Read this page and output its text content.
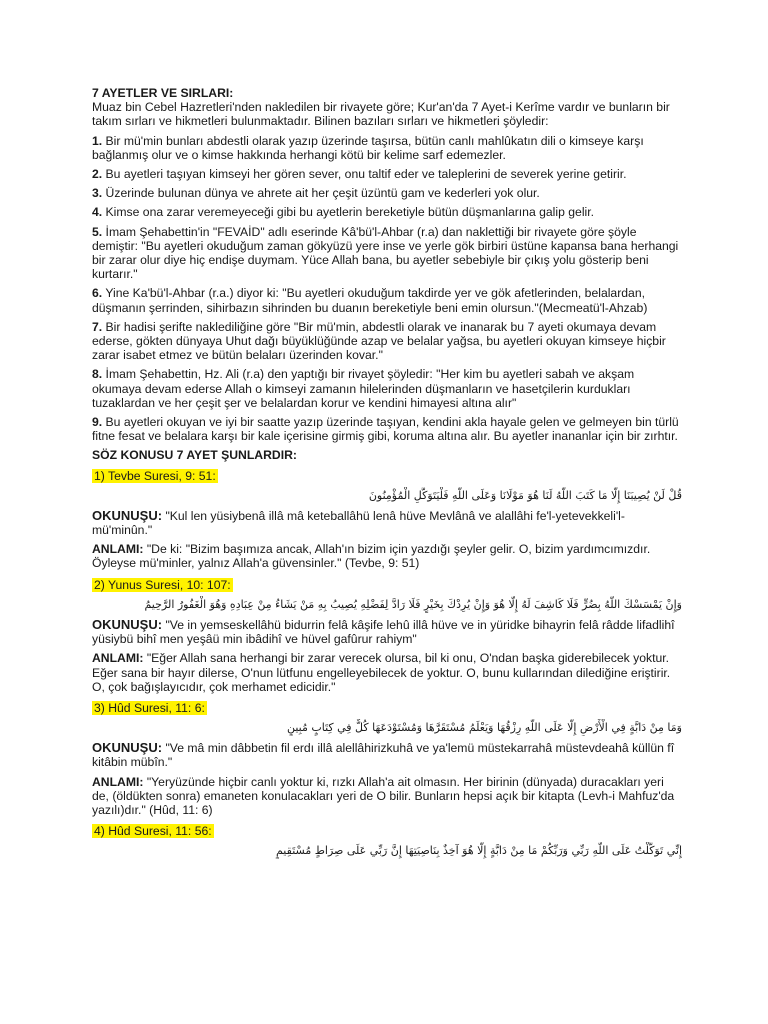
7 AYETLER VE SIRLARI:

Muaz bin Cebel Hazretleri'nden nakledilen bir rivayete göre; Kur'an'da 7 Ayet-i Kerîme vardır ve bunların bir takım sırları ve hikmetleri bulunmaktadır. Bilinen bazıları sırları ve hikmetleri şöyledir:

1. Bir mü'min bunları abdestli olarak yazıp üzerinde taşırsa, bütün canlı mahlûkatın dili o kimseye karşı bağlanmış olur ve o kimse hakkında herhangi kötü bir kelime sarf edemezler.

2. Bu ayetleri taşıyan kimseyi her gören sever, onu taltif eder ve taleplerini de severek yerine getirir.

3. Üzerinde bulunan dünya ve ahrete ait her çeşit üzüntü gam ve kederleri yok olur.

4. Kimse ona zarar veremeyeceği gibi bu ayetlerin bereketiyle bütün düşmanlarına galip gelir.

5. İmam Şehabettin'in "FEVAİD" adlı eserinde Kâ'bü'l-Ahbar (r.a) dan naklettiği bir rivayete göre şöyle demiştir: "Bu ayetleri okuduğum zaman gökyüzü yere inse ve yerle gök birbiri üstüne kapansa bana herhangi bir zarar olur diye hiç endişe duymam. Yüce Allah bana, bu ayetler sebebiyle bir çıkış yolu gösterip beni kurtarır."

6. Yine Ka'bü'l-Ahbar (r.a.) diyor ki: "Bu ayetleri okuduğum takdirde yer ve gök afetlerinden, belalardan, düşmanın şerrinden, sihirbazın sihrinden bu duanın bereketiyle beni emin olursun."(Mecmeatü'l-Ahzab)

7. Bir hadisi şerifte naklediliğine göre "Bir mü'min, abdestli olarak ve inanarak bu 7 ayeti okumaya devam ederse, gökten dünyaya Uhut dağı büyüklüğünde azap ve belalar yağsa, bu ayetleri okuyan kimseye hiçbir zarar isabet etmez ve bütün belaları üzerinden kovar."

8. İmam Şehabettin, Hz. Ali (r.a) den yaptığı bir rivayet şöyledir: "Her kim bu ayetleri sabah ve akşam okumaya devam ederse Allah o kimseyi zamanın hilelerinden düşmanların ve hasetçilerin kurdukları tuzaklardan ve her çeşit şer ve belalardan korur ve kendini himayesi altına alır"

9. Bu ayetleri okuyan ve iyi bir saatte yazıp üzerinde taşıyan, kendini akla hayale gelen ve gelmeyen bin türlü fitne fesat ve belalara karşı bir kale içerisine girmiş gibi, koruma altına alır. Bu ayetler inananlar için bir zırhtır.

SÖZ KONUSU 7 AYET ŞUNLARDIR:

1) Tevbe Suresi, 9: 51:

قُلْ لَنْ يُصِيبَنَا إِلَّا مَا كَتَبَ اللَّهُ لَنَا هُوَ مَوْلَانَا وَعَلَى اللَّهِ فَلْيَتَوَكَّلِ الْمُؤْمِنُونَ

OKUNUŞU: "Kul len yüsiybenâ illâ mâ keteballâhü lenâ hüve Mevlânâ ve alallâhi fe'l-yetevekkeli'l-mü'minûn."

ANLAMI: "De ki: "Bizim başımıza ancak, Allah'ın bizim için yazdığı şeyler gelir. O, bizim yardımcımızdır. Öyleyse mü'minler, yalnız Allah'a güvensinler." (Tevbe, 9: 51)

2) Yunus Suresi, 10: 107:

وَإِنْ يَمْسَسْكَ اللَّهُ بِضُرٍّ فَلَا كَاشِفَ لَهُ إِلَّا هُوَ وَإِنْ يُرِدْكَ بِخَيْرٍ فَلَا رَادَّ لِفَضْلِهِ يُصِيبُ بِهِ مَنْ يَشَاءُ مِنْ عِبَادِهِ وَهُوَ الْغَفُورُ الرَّحِيمُ

OKUNUŞU: "Ve in yemseskellâhü bidurrin felâ kâşife lehû illâ hüve ve in yüridke bihayrin felâ râdde lifadlihî yüsiybü bihî men yeşâü min ibâdihî ve hüvel gafûrur rahiym"

ANLAMI: "Eğer Allah sana herhangi bir zarar verecek olursa, bil ki onu, O'ndan başka giderebilecek yoktur. Eğer sana bir hayır dilerse, O'nun lütfunu engelleyebilecek de yoktur. O, bunu kullarından dilediğine eriştirir. O, çok bağışlayıcıdır, çok merhamet edicidir."

3) Hûd Suresi, 11: 6:

وَمَا مِنْ دَابَّةٍ فِي الْأَرْضِ إِلَّا عَلَى اللَّهِ رِزْقُهَا وَيَعْلَمُ مُسْتَقَرَّهَا وَمُسْتَوْدَعَهَا كُلٌّ فِي كِتَابٍ مُبِينٍ

OKUNUŞU: "Ve mâ min dâbbetin fil erdı illâ alellâhirizkuhâ ve ya'lemü müstekarrahâ müstevdeahâ küllün fî kitâbin mübîn."

ANLAMI: "Yeryüzünde hiçbir canlı yoktur ki, rızkı Allah'a ait olmasın. Her birinin (dünyada) duracakları yeri de, (öldükten sonra) emaneten konulacakları yeri de O bilir. Bunların hepsi açık bir kitapta (Levh-i Mahfuz'da yazılı)dır." (Hûd, 11: 6)

4) Hûd Suresi, 11: 56:

إِنِّي تَوَكَّلْتُ عَلَى اللَّهِ رَبِّي وَرَبِّكُمْ مَا مِنْ دَابَّةٍ إِلَّا هُوَ آخِذٌ بِنَاصِيَتِهَا إِنَّ رَبِّي عَلَى صِرَاطٍ مُسْتَقِيمٍ
